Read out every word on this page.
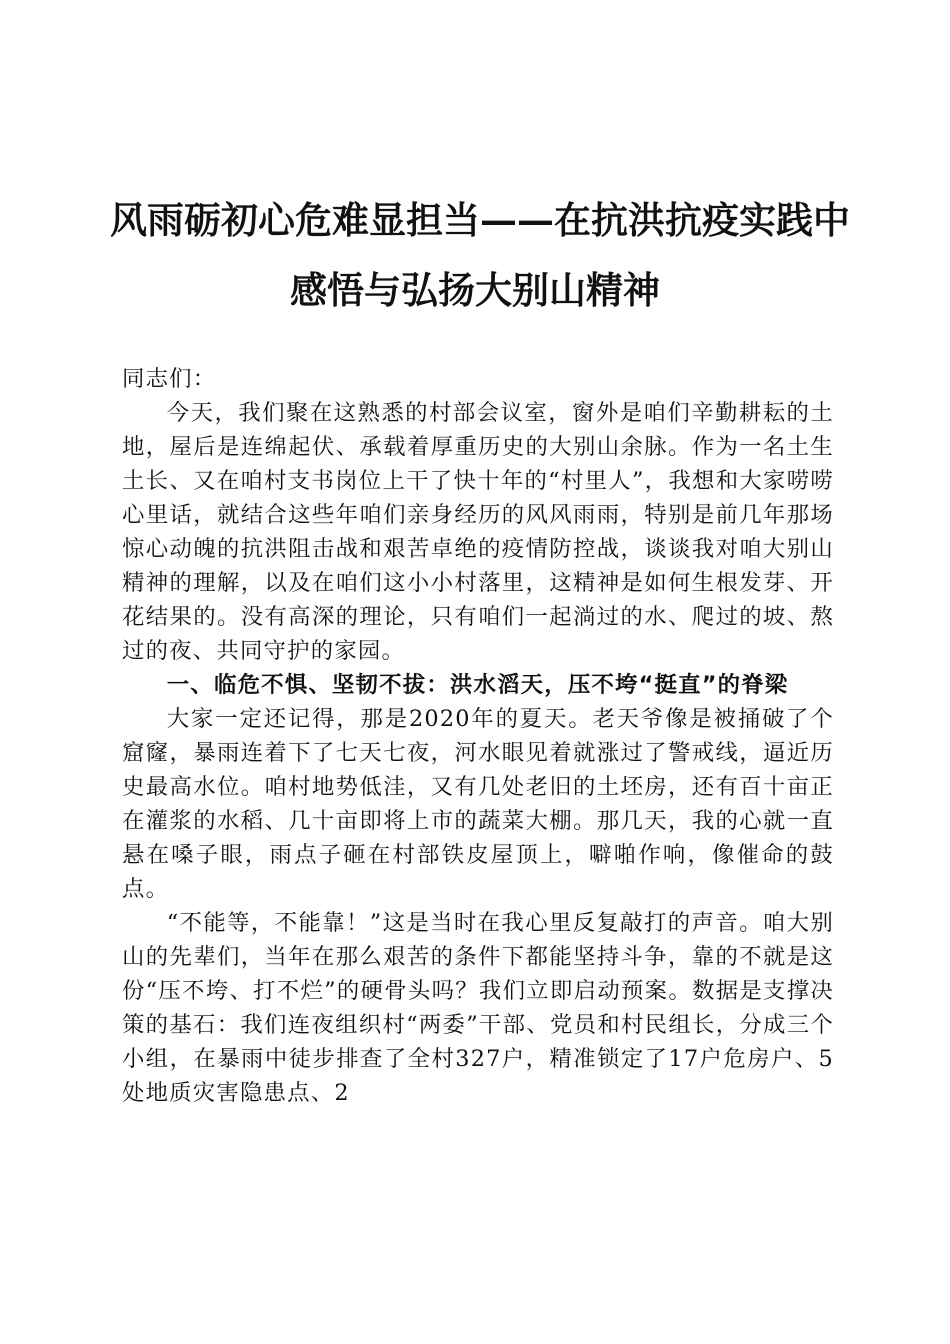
风雨砺初心危难显担当——在抗洪抗疫实践中
感悟与弘扬大别山精神

同志们：

今天，我们聚在这熟悉的村部会议室，窗外是咱们辛勤耕耘的土地，屋后是连绵起伏、承载着厚重历史的大别山余脉。作为一名土生土长、又在咱村支书岗位上干了快十年的“村里人”，我想和大家唠唠心里话，就结合这些年咱们亲身经历的风风雨雨，特别是前几年那场惊心动魄的抗洪阻击战和艰苦卓绝的疫情防控战，谈谈我对咱大别山精神的理解，以及在咱们这小小村落里，这精神是如何生根发芽、开花结果的。没有高深的理论，只有咱们一起淌过的水、爬过的坡、熬过的夜、共同守护的家园。

一、临危不惧、坚韧不拔：洪水滔天，压不垮“挺直”的脊梁

大家一定还记得，那是2020年的夏天。老天爷像是被捅破了个窟窿，暴雨连着下了七天七夜，河水眼见着就涨过了警戒线，逼近历史最高水位。咱村地势低洼，又有几处老旧的土坯房，还有百十亩正在灌浆的水稻、几十亩即将上市的蔬菜大棚。那几天，我的心就一直悬在嗓子眼，雨点子砸在村部铁皮屋顶上，噼啪作响，像催命的鼓点。

“不能等，不能靠！”这是当时在我心里反复敲打的声音。咱大别山的先辈们，当年在那么艰苦的条件下都能坚持斗争，靠的不就是这份“压不垮、打不烂”的硬骨头吗？我们立即启动预案。数据是支撑决策的基石：我们连夜组织村“两委”干部、党员和村民组长，分成三个小组，在暴雨中徒步排查了全村327户，精准锁定了17户危房户、5处地质灾害隐患点、2
